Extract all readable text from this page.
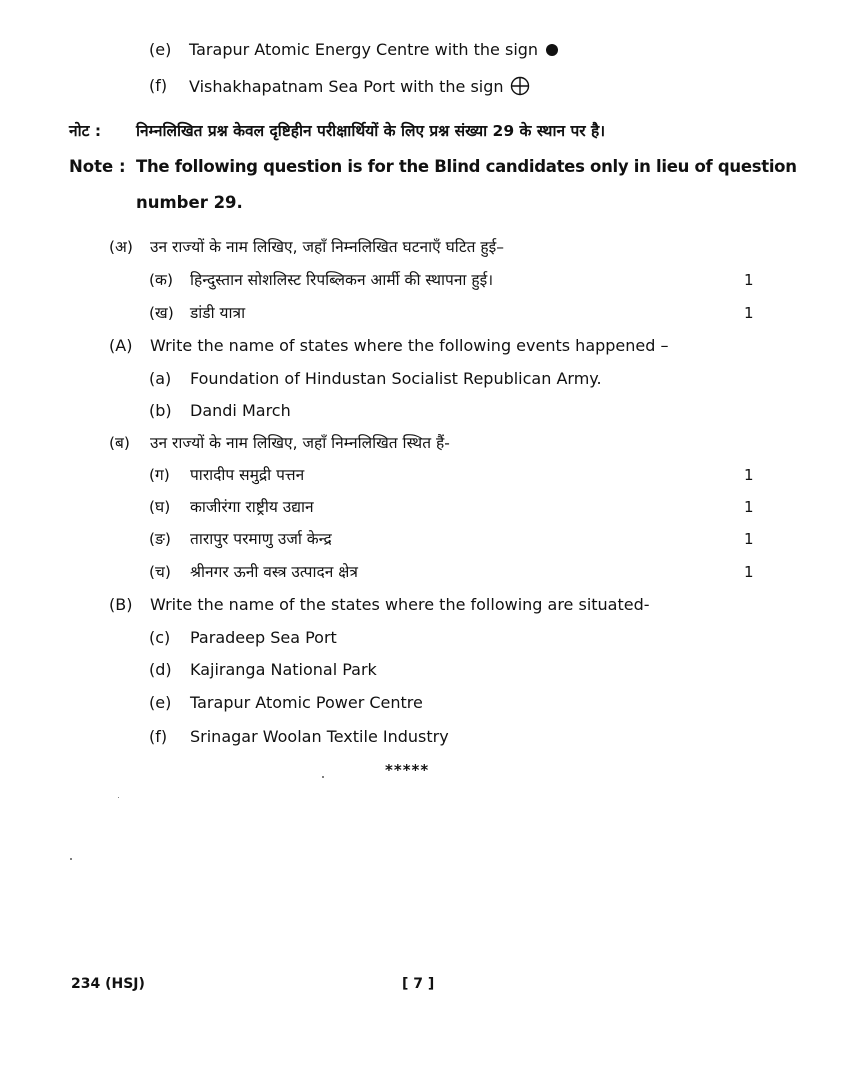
(e) Tarapur Atomic Energy Centre with the sign
(f) Vishakhapatnam Sea Port with the sign
नोट : निम्नलिखित प्रश्न केवल दृष्टिहीन परीक्षार्थियों के लिए प्रश्न संख्या 29 के स्थान पर है।
Note : The following question is for the Blind candidates only in lieu of question
number 29.
(अ) उन राज्यों के नाम लिखिए, जहाँ निम्नलिखित घटनाएँ घटित हुई–
(क) हिन्दुस्तान सोशलिस्ट रिपब्लिकन आर्मी की स्थापना हुई।	1
(ख) डांडी यात्रा	1
(A) Write the name of states where the following events happened –
(a) Foundation of Hindustan Socialist Republican Army.
(b) Dandi March
(ब) उन राज्यों के नाम लिखिए, जहाँ निम्नलिखित स्थित हैं-
(ग) पारादीप समुद्री पत्तन	1
(घ) काजीरंगा राष्ट्रीय उद्यान	1
(ङ) तारापुर परमाणु उर्जा केन्द्र	1
(च) श्रीनगर ऊनी वस्त्र उत्पादन क्षेत्र	1
(B) Write the name of the states where the following are situated-
(c) Paradeep Sea Port
(d) Kajiranga National Park
(e) Tarapur Atomic Power Centre
(f) Srinagar Woolan Textile Industry
*****
234 (HSJ)	[ 7 ]
